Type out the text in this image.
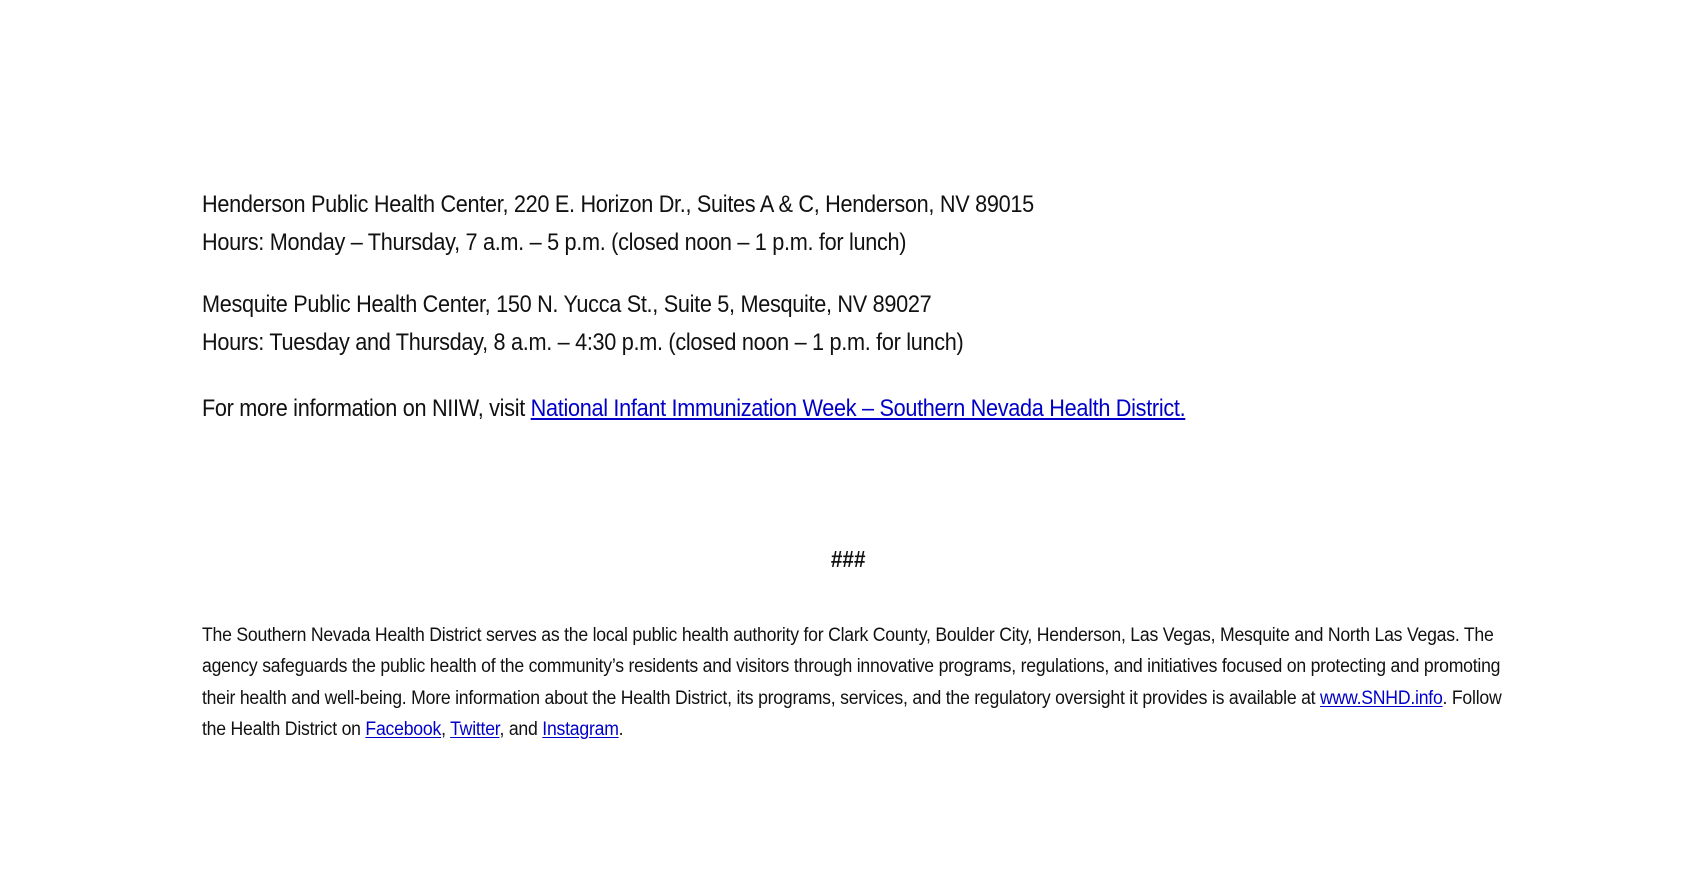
Henderson Public Health Center, 220 E. Horizon Dr., Suites A & C, Henderson, NV 89015
Hours: Monday – Thursday, 7 a.m. – 5 p.m. (closed noon – 1 p.m. for lunch)
Mesquite Public Health Center, 150 N. Yucca St., Suite 5, Mesquite, NV 89027
Hours: Tuesday and Thursday, 8 a.m. – 4:30 p.m. (closed noon – 1 p.m. for lunch)
For more information on NIIW, visit National Infant Immunization Week – Southern Nevada Health District.
###
The Southern Nevada Health District serves as the local public health authority for Clark County, Boulder City, Henderson, Las Vegas, Mesquite and North Las Vegas. The agency safeguards the public health of the community’s residents and visitors through innovative programs, regulations, and initiatives focused on protecting and promoting their health and well-being. More information about the Health District, its programs, services, and the regulatory oversight it provides is available at www.SNHD.info. Follow the Health District on Facebook, Twitter, and Instagram.
